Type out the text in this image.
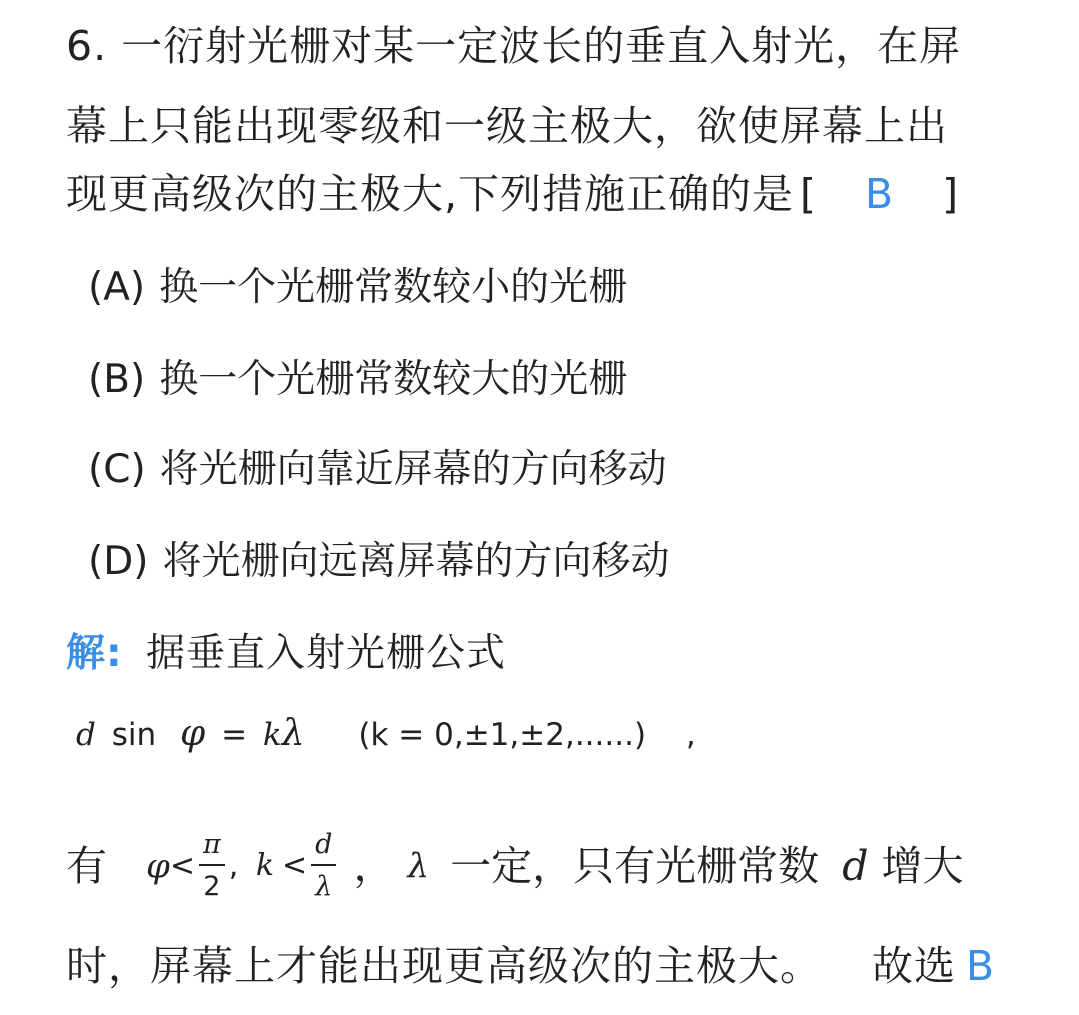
6. 一衍射光栅对某一定波长的垂直入射光，在屏
幕上只能出现零级和一级主极大，欲使屏幕上出
现更高级次的主极大,下列措施正确的是 [ B ]
(A) 换一个光栅常数较小的光栅
(B) 换一个光栅常数较大的光栅
(C) 将光栅向靠近屏幕的方向移动
(D) 将光栅向远离屏幕的方向移动
解: 据垂直入射光栅公式
d sin φ = kλ (k = 0,±1,±2,......) ,
有 $\varphi< \frac{\pi}{2}$ , $k < \frac{d}{\lambda}$ ， λ 一定，只有光栅常数 d 增大
时，屏幕上才能出现更高级次的主极大。 故选 B
